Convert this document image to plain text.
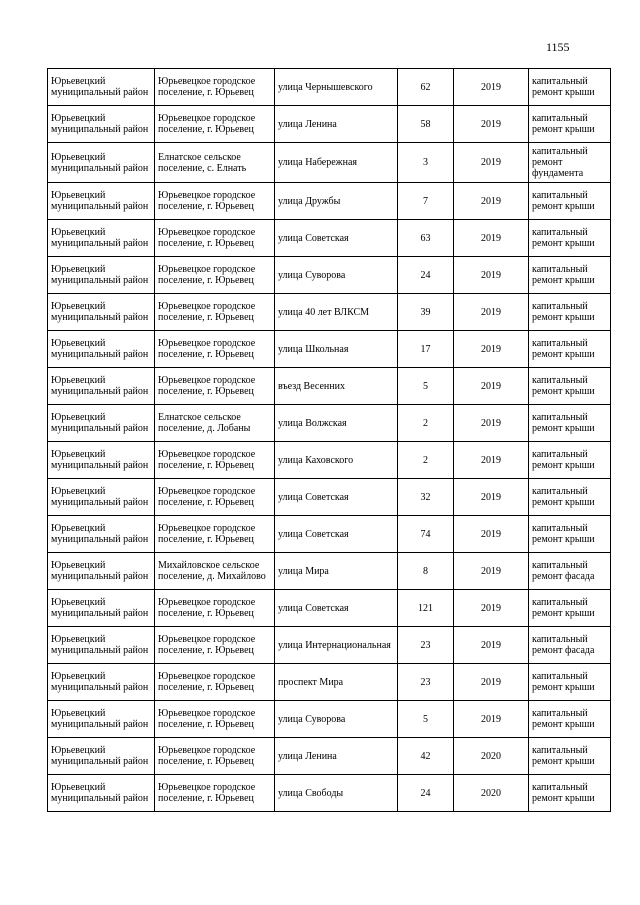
1155
Юрьевецкий муниципальный район	Юрьевецкое городское поселение, г. Юрьевец	улица Чернышевского	62	2019	капитальный ремонт крыши
Юрьевецкий муниципальный район	Юрьевецкое городское поселение, г. Юрьевец	улица Ленина	58	2019	капитальный ремонт крыши
Юрьевецкий муниципальный район	Елнатское сельское поселение, с. Елнать	улица Набережная	3	2019	капитальный ремонт фундамента
Юрьевецкий муниципальный район	Юрьевецкое городское поселение, г. Юрьевец	улица Дружбы	7	2019	капитальный ремонт крыши
Юрьевецкий муниципальный район	Юрьевецкое городское поселение, г. Юрьевец	улица Советская	63	2019	капитальный ремонт крыши
Юрьевецкий муниципальный район	Юрьевецкое городское поселение, г. Юрьевец	улица Суворова	24	2019	капитальный ремонт крыши
Юрьевецкий муниципальный район	Юрьевецкое городское поселение, г. Юрьевец	улица 40 лет ВЛКСМ	39	2019	капитальный ремонт крыши
Юрьевецкий муниципальный район	Юрьевецкое городское поселение, г. Юрьевец	улица Школьная	17	2019	капитальный ремонт крыши
Юрьевецкий муниципальный район	Юрьевецкое городское поселение, г. Юрьевец	въезд Весенних	5	2019	капитальный ремонт крыши
Юрьевецкий муниципальный район	Елнатское сельское поселение, д. Лобаны	улица Волжская	2	2019	капитальный ремонт крыши
Юрьевецкий муниципальный район	Юрьевецкое городское поселение, г. Юрьевец	улица Каховского	2	2019	капитальный ремонт крыши
Юрьевецкий муниципальный район	Юрьевецкое городское поселение, г. Юрьевец	улица Советская	32	2019	капитальный ремонт крыши
Юрьевецкий муниципальный район	Юрьевецкое городское поселение, г. Юрьевец	улица Советская	74	2019	капитальный ремонт крыши
Юрьевецкий муниципальный район	Михайловское сельское поселение, д. Михайлово	улица Мира	8	2019	капитальный ремонт фасада
Юрьевецкий муниципальный район	Юрьевецкое городское поселение, г. Юрьевец	улица Советская	121	2019	капитальный ремонт крыши
Юрьевецкий муниципальный район	Юрьевецкое городское поселение, г. Юрьевец	улица Интернациональная	23	2019	капитальный ремонт фасада
Юрьевецкий муниципальный район	Юрьевецкое городское поселение, г. Юрьевец	проспект Мира	23	2019	капитальный ремонт крыши
Юрьевецкий муниципальный район	Юрьевецкое городское поселение, г. Юрьевец	улица Суворова	5	2019	капитальный ремонт крыши
Юрьевецкий муниципальный район	Юрьевецкое городское поселение, г. Юрьевец	улица Ленина	42	2020	капитальный ремонт крыши
Юрьевецкий муниципальный район	Юрьевецкое городское поселение, г. Юрьевец	улица Свободы	24	2020	капитальный ремонт крыши
